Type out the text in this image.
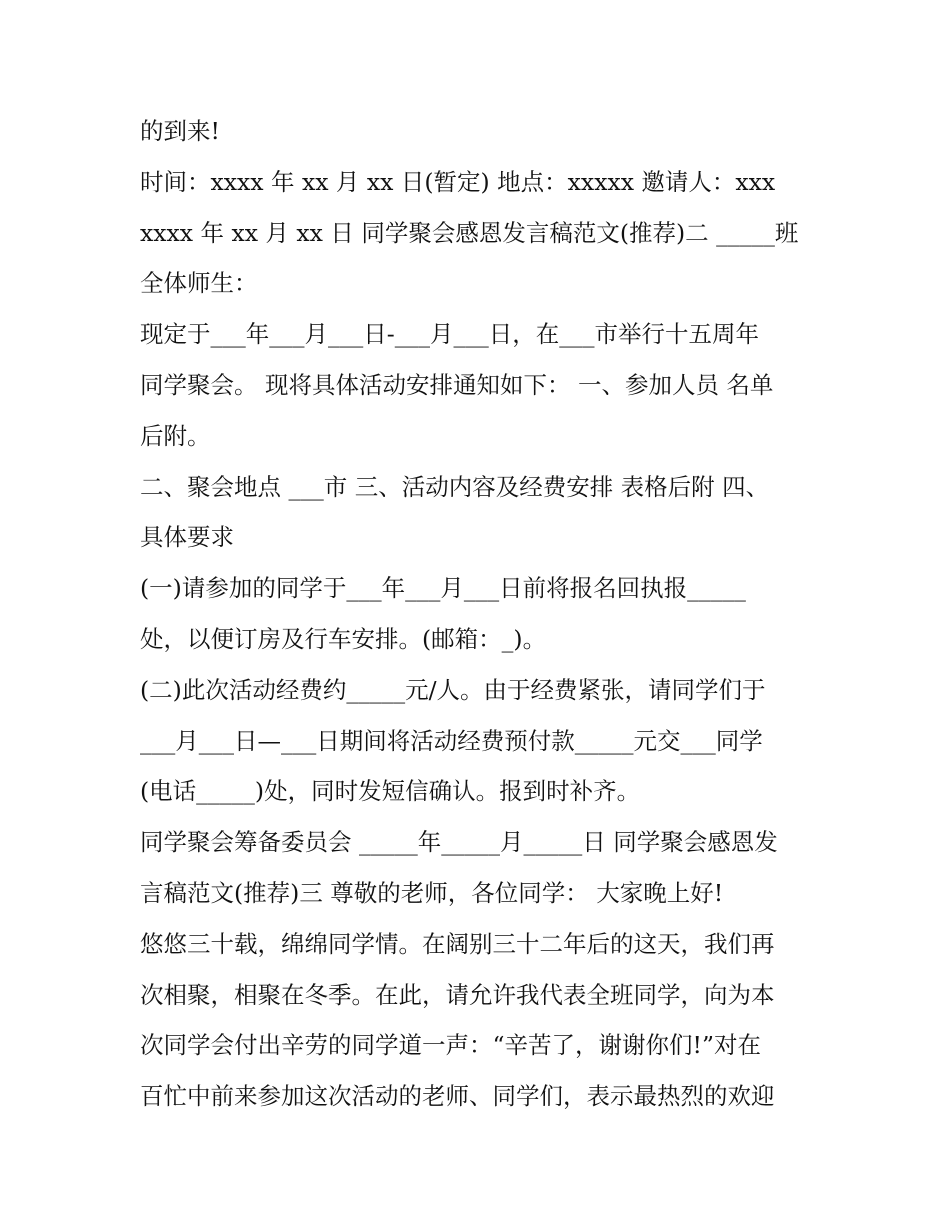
的到来!
时间：xxxx 年 xx 月 xx 日(暂定) 地点：xxxxx 邀请人：xxx
xxxx 年 xx 月 xx 日 同学聚会感恩发言稿范文(推荐)二 _____班
全体师生：
现定于___年___月___日-___月___日，在___市举行十五周年
同学聚会。 现将具体活动安排通知如下： 一、参加人员 名单
后附。
二、聚会地点 ___市 三、活动内容及经费安排 表格后附 四、
具体要求
(一)请参加的同学于___年___月___日前将报名回执报_____
处，以便订房及行车安排。(邮箱：_)。
(二)此次活动经费约_____元/人。由于经费紧张，请同学们于
___月___日—___日期间将活动经费预付款_____元交___同学
(电话_____)处，同时发短信确认。报到时补齐。
同学聚会筹备委员会 _____年_____月_____日 同学聚会感恩发
言稿范文(推荐)三 尊敬的老师，各位同学： 大家晚上好!
悠悠三十载，绵绵同学情。在阔别三十二年后的这天，我们再
次相聚，相聚在冬季。在此，请允许我代表全班同学，向为本
次同学会付出辛劳的同学道一声：“辛苦了，谢谢你们!”对在
百忙中前来参加这次活动的老师、同学们，表示最热烈的欢迎
